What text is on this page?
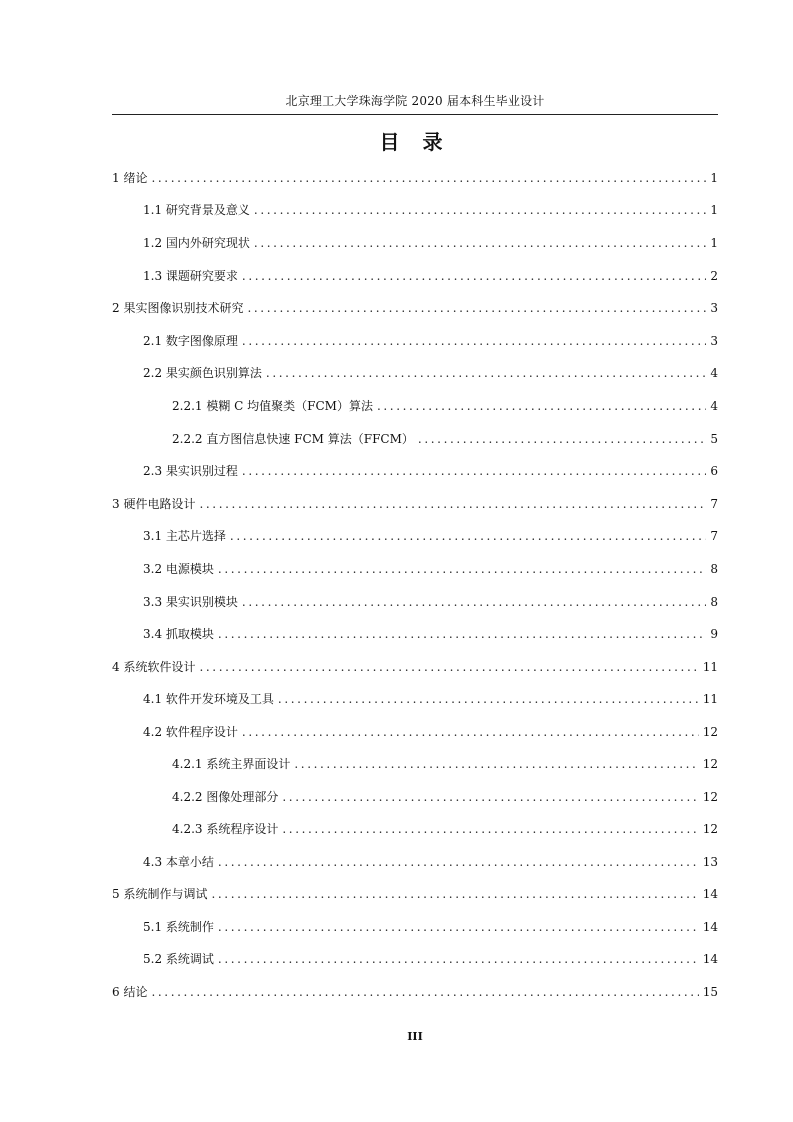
北京理工大学珠海学院 2020 届本科生毕业设计
目 录
1 绪论 .....	1
1.1 研究背景及意义 .....	1
1.2 国内外研究现状 .....	1
1.3 课题研究要求 .....	2
2 果实图像识别技术研究 .....	3
2.1 数字图像原理 .....	3
2.2 果实颜色识别算法 .....	4
2.2.1 模糊 C 均值聚类（FCM）算法 .....	4
2.2.2 直方图信息快速 FCM 算法（FFCM） .....	5
2.3 果实识别过程 .....	6
3 硬件电路设计 .....	7
3.1 主芯片选择 .....	7
3.2 电源模块 .....	8
3.3 果实识别模块 .....	8
3.4 抓取模块 .....	9
4 系统软件设计 .....	11
4.1 软件开发环境及工具 .....	11
4.2 软件程序设计 .....	12
4.2.1 系统主界面设计 .....	12
4.2.2 图像处理部分 .....	12
4.2.3 系统程序设计 .....	12
4.3 本章小结 .....	13
5 系统制作与调试 .....	14
5.1 系统制作 .....	14
5.2 系统调试 .....	14
6 结论 .....	15
III
